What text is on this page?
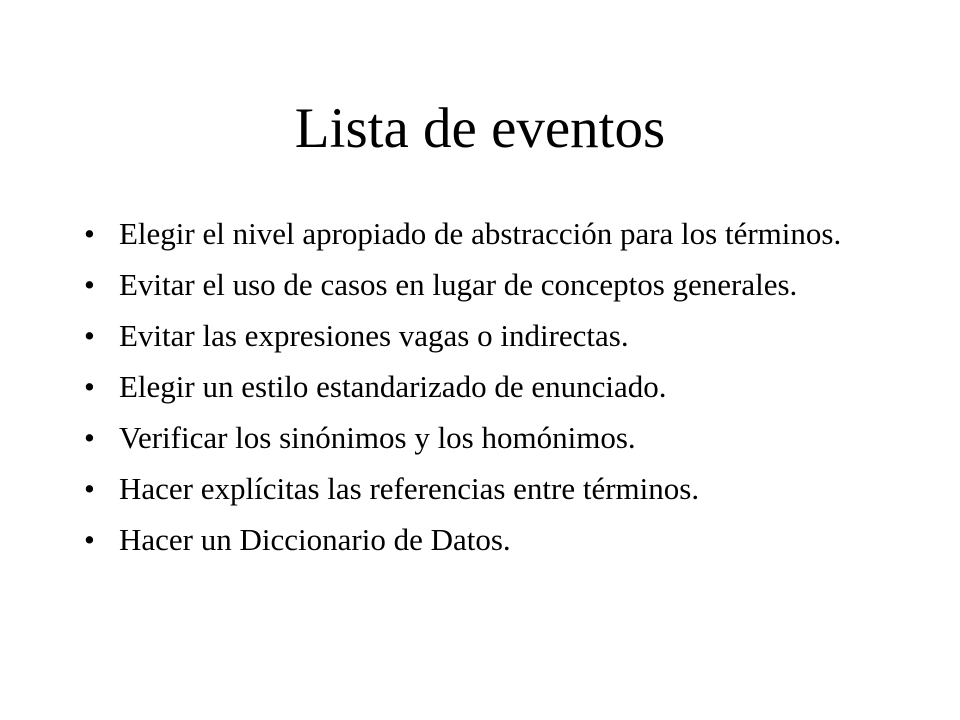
Lista de eventos
• Elegir el nivel apropiado de abstracción para los términos.
• Evitar el uso de casos en lugar de conceptos generales.
• Evitar las expresiones vagas o indirectas.
• Elegir un estilo estandarizado de enunciado.
• Verificar los sinónimos y los homónimos.
• Hacer explícitas las referencias entre términos.
• Hacer un Diccionario de Datos.
